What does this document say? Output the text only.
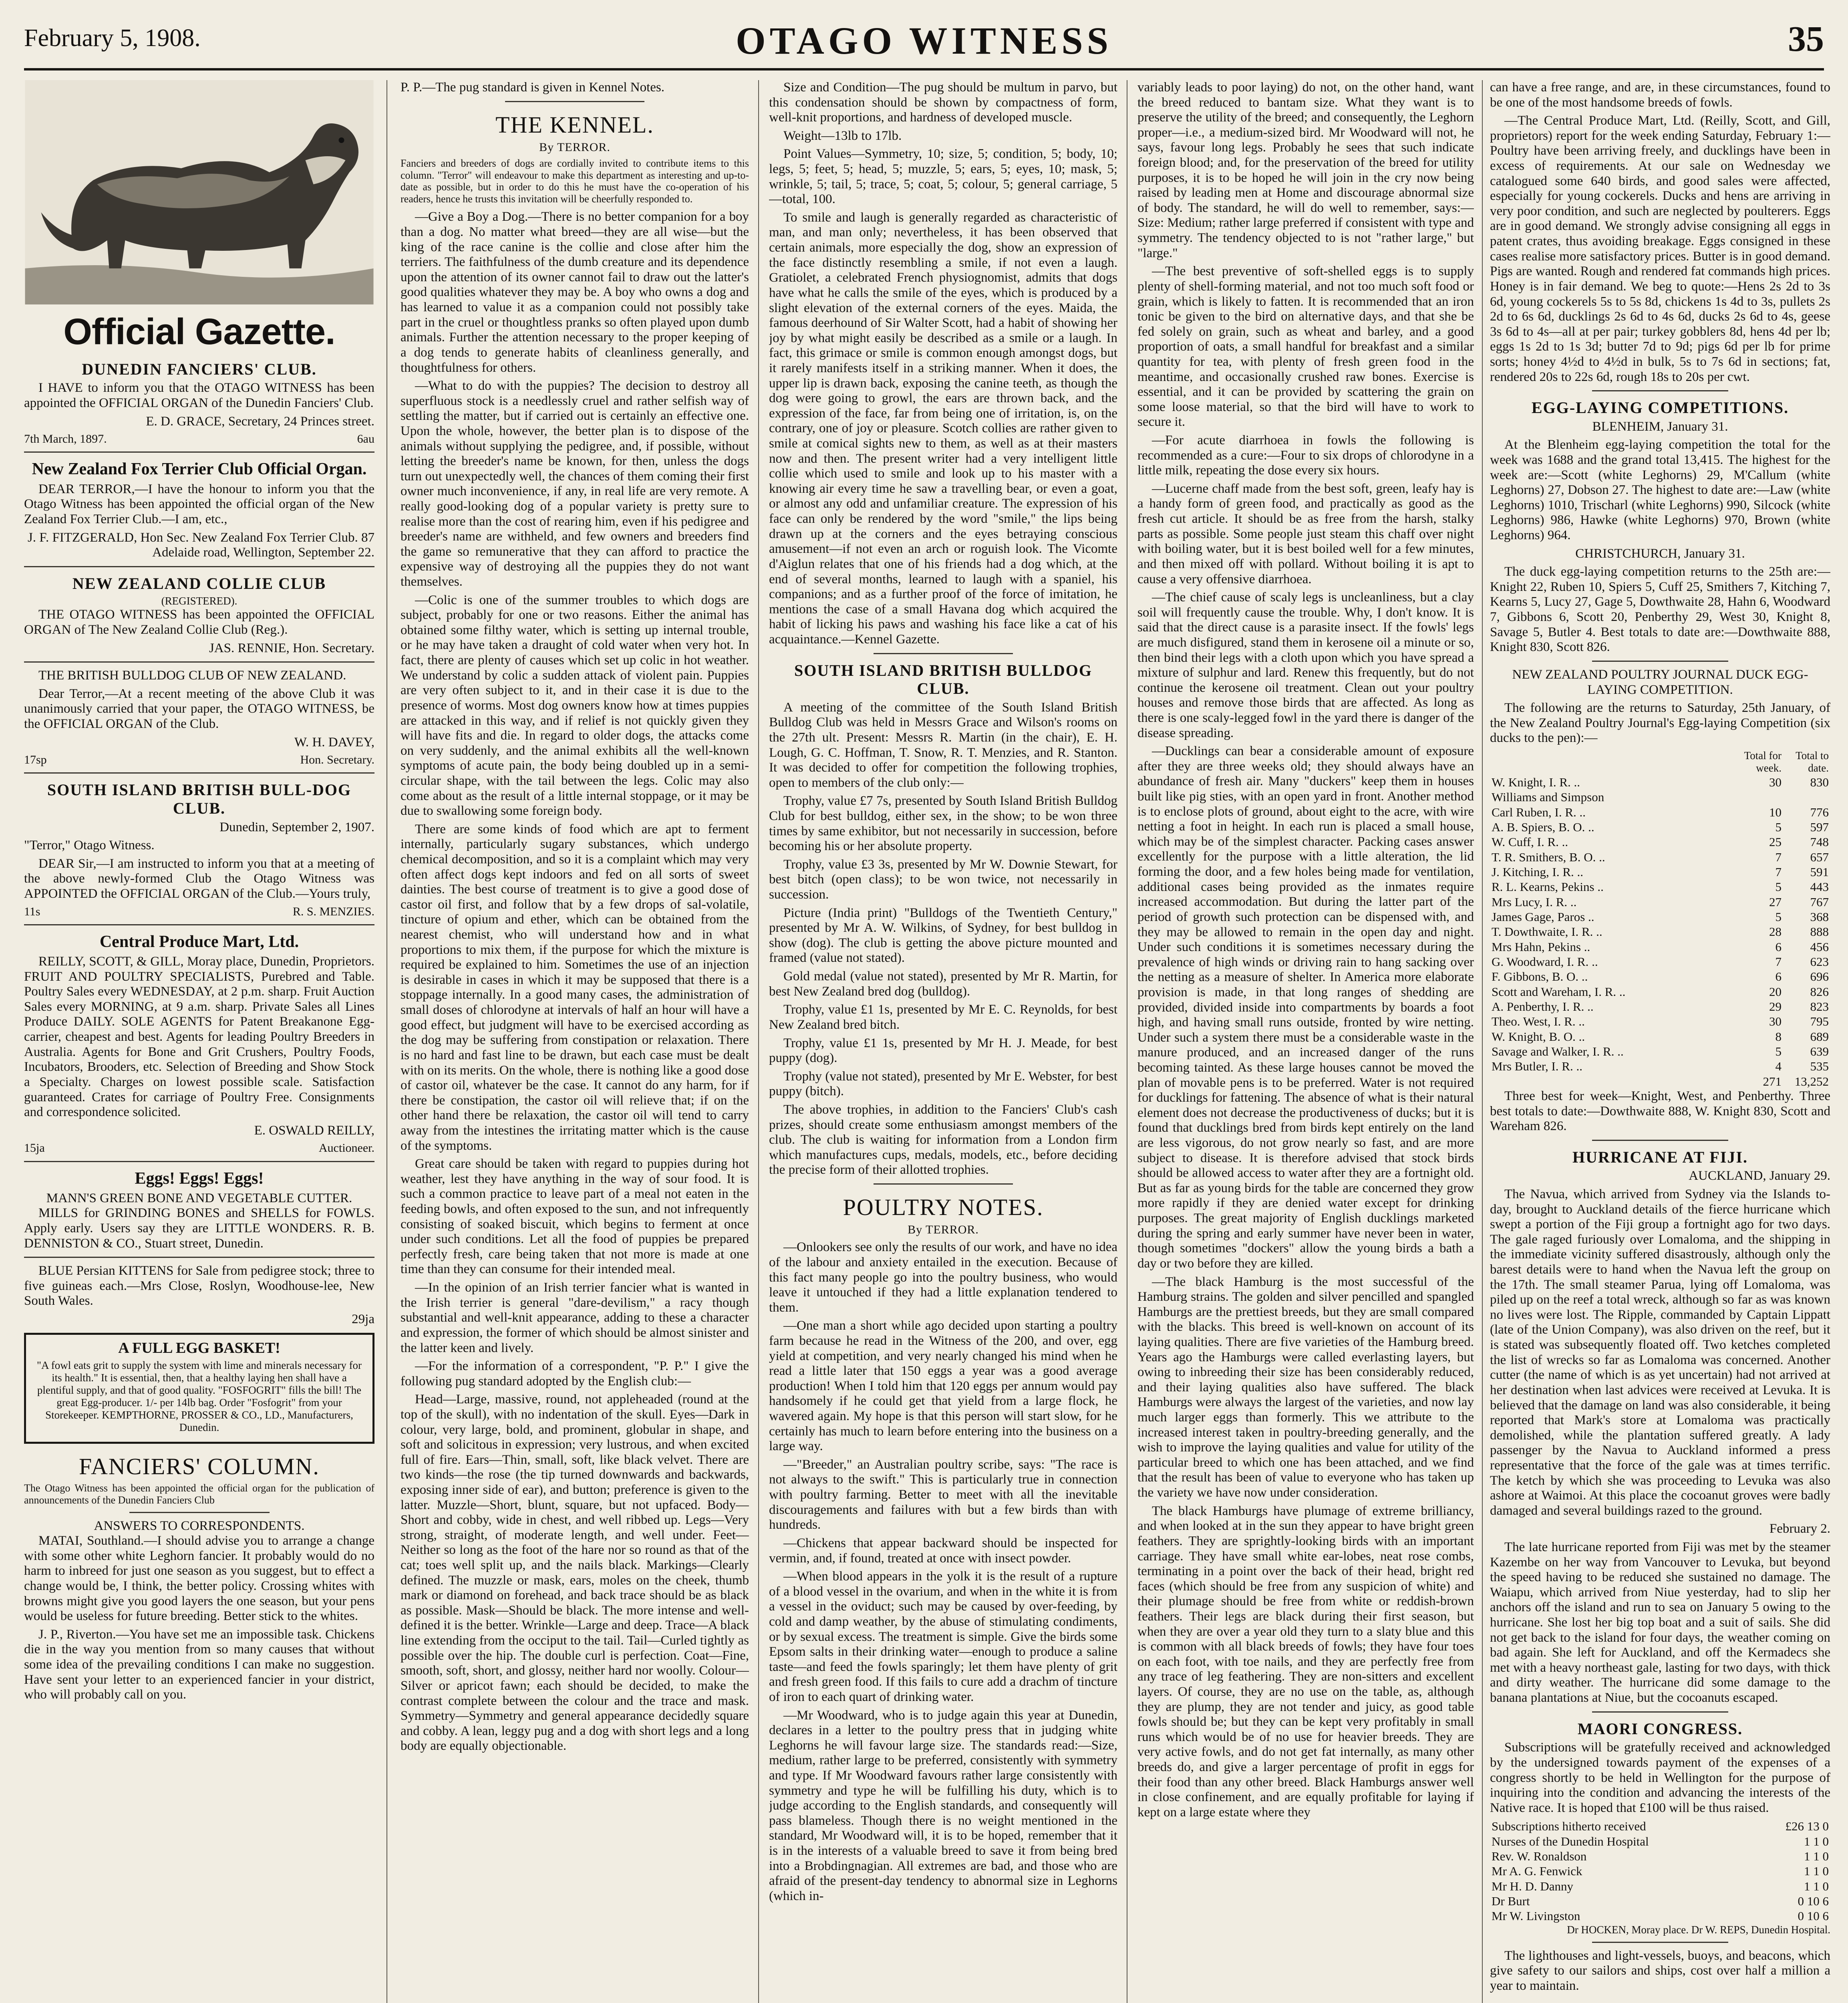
February 5, 1908.	OTAGO WITNESS	35
Official Gazette.
DUNEDIN FANCIERS' CLUB.

I HAVE to inform you that the OTAGO WITNESS has been appointed the OFFICIAL ORGAN of the Dunedin Fanciers' Club.

E. D. GRACE, Secretary, 24 Princes street.

7th March, 1897.	6au
New Zealand Fox Terrier Club Official Organ.

DEAR TERROR,—I have the honour to inform you that the Otago Witness has been appointed the official organ of the New Zealand Fox Terrier Club.—I am, etc.,

J. F. FITZGERALD, Hon Sec. New Zealand Fox Terrier Club. 87 Adelaide road, Wellington, September 22.

NEW ZEALAND COLLIE CLUB
(REGISTERED).

THE OTAGO WITNESS has been appointed the OFFICIAL ORGAN of The New Zealand Collie Club (Reg.).

JAS. RENNIE, Hon. Secretary.

THE BRITISH BULLDOG CLUB OF NEW ZEALAND.

Dear Terror,—At a recent meeting of the above Club it was unanimously carried that your paper, the OTAGO WITNESS, be the OFFICIAL ORGAN of the Club.

W. H. DAVEY,

17sp	Hon. Secretary.
SOUTH ISLAND BRITISH BULL-DOG CLUB.

Dunedin, September 2, 1907.

"Terror," Otago Witness.

DEAR Sir,—I am instructed to inform you that at a meeting of the above newly-formed Club the Otago Witness was APPOINTED the OFFICIAL ORGAN of the Club.—Yours truly,

11s	R. S. MENZIES.
Central Produce Mart, Ltd.

REILLY, SCOTT, & GILL, Moray place, Dunedin, Proprietors. FRUIT AND POULTRY SPECIALISTS, Purebred and Table. Poultry Sales every WEDNESDAY, at 2 p.m. sharp. Fruit Auction Sales every MORNING, at 9 a.m. sharp. Private Sales all Lines Produce DAILY. SOLE AGENTS for Patent Breakanone Egg-carrier, cheapest and best. Agents for leading Poultry Breeders in Australia. Agents for Bone and Grit Crushers, Poultry Foods, Incubators, Brooders, etc. Selection of Breeding and Show Stock a Specialty. Charges on lowest possible scale. Satisfaction guaranteed. Crates for carriage of Poultry Free. Consignments and correspondence solicited.

E. OSWALD REILLY,

15ja	Auctioneer.
Eggs! Eggs! Eggs!
MANN'S GREEN BONE AND VEGETABLE CUTTER.

MILLS for GRINDING BONES and SHELLS for FOWLS. Apply early. Users say they are LITTLE WONDERS. R. B. DENNISTON & CO., Stuart street, Dunedin.

BLUE Persian KITTENS for Sale from pedigree stock; three to five guineas each.—Mrs Close, Roslyn, Woodhouse-lee, New South Wales.

29ja

A FULL EGG BASKET!

"A fowl eats grit to supply the system with lime and minerals necessary for its health." It is essential, then, that a healthy laying hen shall have a plentiful supply, and that of good quality. "FOSFOGRIT" fills the bill! The great Egg-producer. 1/- per 14lb bag. Order "Fosfogrit" from your Storekeeper. KEMPTHORNE, PROSSER & CO., LD., Manufacturers, Dunedin.

FANCIERS' COLUMN.

The Otago Witness has been appointed the official organ for the publication of announcements of the Dunedin Fanciers Club

ANSWERS TO CORRESPONDENTS.

MATAI, Southland.—I should advise you to arrange a change with some other white Leghorn fancier. It probably would do no harm to inbreed for just one season as you suggest, but to effect a change would be, I think, the better policy. Crossing whites with browns might give you good layers the one season, but your pens would be useless for future breeding. Better stick to the whites.

J. P., Riverton.—You have set me an impossible task. Chickens die in the way you mention from so many causes that without some idea of the prevailing conditions I can make no suggestion. Have sent your letter to an experienced fancier in your district, who will probably call on you.

P. P.—The pug standard is given in Kennel Notes.

THE KENNEL.
By TERROR.

Fanciers and breeders of dogs are cordially invited to contribute items to this column. "Terror" will endeavour to make this department as interesting and up-to-date as possible, but in order to do this he must have the co-operation of his readers, hence he trusts this invitation will be cheerfully responded to.

—Give a Boy a Dog.—There is no better companion for a boy than a dog. No matter what breed—they are all wise—but the king of the race canine is the collie and close after him the terriers. The faithfulness of the dumb creature and its dependence upon the attention of its owner cannot fail to draw out the latter's good qualities whatever they may be. A boy who owns a dog and has learned to value it as a companion could not possibly take part in the cruel or thoughtless pranks so often played upon dumb animals. Further the attention necessary to the proper keeping of a dog tends to generate habits of cleanliness generally, and thoughtfulness for others.

—What to do with the puppies? The decision to destroy all superfluous stock is a needlessly cruel and rather selfish way of settling the matter, but if carried out is certainly an effective one. Upon the whole, however, the better plan is to dispose of the animals without supplying the pedigree, and, if possible, without letting the breeder's name be known, for then, unless the dogs turn out unexpectedly well, the chances of them coming their first owner much inconvenience, if any, in real life are very remote. A really good-looking dog of a popular variety is pretty sure to realise more than the cost of rearing him, even if his pedigree and breeder's name are withheld, and few owners and breeders find the game so remunerative that they can afford to practice the expensive way of destroying all the puppies they do not want themselves.

—Colic is one of the summer troubles to which dogs are subject, probably for one or two reasons. Either the animal has obtained some filthy water, which is setting up internal trouble, or he may have taken a draught of cold water when very hot. In fact, there are plenty of causes which set up colic in hot weather. We understand by colic a sudden attack of violent pain. Puppies are very often subject to it, and in their case it is due to the presence of worms. Most dog owners know how at times puppies are attacked in this way, and if relief is not quickly given they will have fits and die. In regard to older dogs, the attacks come on very suddenly, and the animal exhibits all the well-known symptoms of acute pain, the body being doubled up in a semi-circular shape, with the tail between the legs. Colic may also come about as the result of a little internal stoppage, or it may be due to swallowing some foreign body.

There are some kinds of food which are apt to ferment internally, particularly sugary substances, which undergo chemical decomposition, and so it is a complaint which may very often affect dogs kept indoors and fed on all sorts of sweet dainties. The best course of treatment is to give a good dose of castor oil first, and follow that by a few drops of sal-volatile, tincture of opium and ether, which can be obtained from the nearest chemist, who will understand how and in what proportions to mix them, if the purpose for which the mixture is required be explained to him. Sometimes the use of an injection is desirable in cases in which it may be supposed that there is a stoppage internally. In a good many cases, the administration of small doses of chlorodyne at intervals of half an hour will have a good effect, but judgment will have to be exercised according as the dog may be suffering from constipation or relaxation. There is no hard and fast line to be drawn, but each case must be dealt with on its merits. On the whole, there is nothing like a good dose of castor oil, whatever be the case. It cannot do any harm, for if there be constipation, the castor oil will relieve that; if on the other hand there be relaxation, the castor oil will tend to carry away from the intestines the irritating matter which is the cause of the symptoms.

Great care should be taken with regard to puppies during hot weather, lest they have anything in the way of sour food. It is such a common practice to leave part of a meal not eaten in the feeding bowls, and often exposed to the sun, and not infrequently consisting of soaked biscuit, which begins to ferment at once under such conditions. Let all the food of puppies be prepared perfectly fresh, care being taken that not more is made at one time than they can consume for their intended meal.

—In the opinion of an Irish terrier fancier what is wanted in the Irish terrier is general "dare-devilism," a racy though substantial and well-knit appearance, adding to these a character and expression, the former of which should be almost sinister and the latter keen and lively.

—For the information of a correspondent, "P. P." I give the following pug standard adopted by the English club:—

Head—Large, massive, round, not appleheaded (round at the top of the skull), with no indentation of the skull. Eyes—Dark in colour, very large, bold, and prominent, globular in shape, and soft and solicitous in expression; very lustrous, and when excited full of fire. Ears—Thin, small, soft, like black velvet. There are two kinds—the rose (the tip turned downwards and backwards, exposing inner side of ear), and button; preference is given to the latter. Muzzle—Short, blunt, square, but not upfaced. Body—Short and cobby, wide in chest, and well ribbed up. Legs—Very strong, straight, of moderate length, and well under. Feet—Neither so long as the foot of the hare nor so round as that of the cat; toes well split up, and the nails black. Markings—Clearly defined. The muzzle or mask, ears, moles on the cheek, thumb mark or diamond on forehead, and back trace should be as black as possible. Mask—Should be black. The more intense and well-defined it is the better. Wrinkle—Large and deep. Trace—A black line extending from the occiput to the tail. Tail—Curled tightly as possible over the hip. The double curl is perfection. Coat—Fine, smooth, soft, short, and glossy, neither hard nor woolly. Colour—Silver or apricot fawn; each should be decided, to make the contrast complete between the colour and the trace and mask. Symmetry—Symmetry and general appearance decidedly square and cobby. A lean, leggy pug and a dog with short legs and a long body are equally objectionable.

Size and Condition—The pug should be multum in parvo, but this condensation should be shown by compactness of form, well-knit proportions, and hardness of developed muscle.

Weight—13lb to 17lb.

Point Values—Symmetry, 10; size, 5; condition, 5; body, 10; legs, 5; feet, 5; head, 5; muzzle, 5; ears, 5; eyes, 10; mask, 5; wrinkle, 5; tail, 5; trace, 5; coat, 5; colour, 5; general carriage, 5—total, 100.

To smile and laugh is generally regarded as characteristic of man, and man only; nevertheless, it has been observed that certain animals, more especially the dog, show an expression of the face distinctly resembling a smile, if not even a laugh. Gratiolet, a celebrated French physiognomist, admits that dogs have what he calls the smile of the eyes, which is produced by a slight elevation of the external corners of the eyes. Maida, the famous deerhound of Sir Walter Scott, had a habit of showing her joy by what might easily be described as a smile or a laugh. In fact, this grimace or smile is common enough amongst dogs, but it rarely manifests itself in a striking manner. When it does, the upper lip is drawn back, exposing the canine teeth, as though the dog were going to growl, the ears are thrown back, and the expression of the face, far from being one of irritation, is, on the contrary, one of joy or pleasure. Scotch collies are rather given to smile at comical sights new to them, as well as at their masters now and then. The present writer had a very intelligent little collie which used to smile and look up to his master with a knowing air every time he saw a travelling bear, or even a goat, or almost any odd and unfamiliar creature. The expression of his face can only be rendered by the word "smile," the lips being drawn up at the corners and the eyes betraying conscious amusement—if not even an arch or roguish look. The Vicomte d'Aiglun relates that one of his friends had a dog which, at the end of several months, learned to laugh with a spaniel, his companions; and as a further proof of the force of imitation, he mentions the case of a small Havana dog which acquired the habit of licking his paws and washing his face like a cat of his acquaintance.—Kennel Gazette.

SOUTH ISLAND BRITISH BULLDOG CLUB.

A meeting of the committee of the South Island British Bulldog Club was held in Messrs Grace and Wilson's rooms on the 27th ult. Present: Messrs R. Martin (in the chair), E. H. Lough, G. C. Hoffman, T. Snow, R. T. Menzies, and R. Stanton. It was decided to offer for competition the following trophies, open to members of the club only:—

Trophy, value £7 7s, presented by South Island British Bulldog Club for best bulldog, either sex, in the show; to be won three times by same exhibitor, but not necessarily in succession, before becoming his or her absolute property.

Trophy, value £3 3s, presented by Mr W. Downie Stewart, for best bitch (open class); to be won twice, not necessarily in succession.

Picture (India print) "Bulldogs of the Twentieth Century," presented by Mr A. W. Wilkins, of Sydney, for best bulldog in show (dog). The club is getting the above picture mounted and framed (value not stated).

Gold medal (value not stated), presented by Mr R. Martin, for best New Zealand bred dog (bulldog).

Trophy, value £1 1s, presented by Mr E. C. Reynolds, for best New Zealand bred bitch.

Trophy, value £1 1s, presented by Mr H. J. Meade, for best puppy (dog).

Trophy (value not stated), presented by Mr E. Webster, for best puppy (bitch).

The above trophies, in addition to the Fanciers' Club's cash prizes, should create some enthusiasm amongst members of the club. The club is waiting for information from a London firm which manufactures cups, medals, models, etc., before deciding the precise form of their allotted trophies.

POULTRY NOTES.
By TERROR.

—Onlookers see only the results of our work, and have no idea of the labour and anxiety entailed in the execution. Because of this fact many people go into the poultry business, who would leave it untouched if they had a little explanation tendered to them.

—One man a short while ago decided upon starting a poultry farm because he read in the Witness of the 200, and over, egg yield at competition, and very nearly changed his mind when he read a little later that 150 eggs a year was a good average production! When I told him that 120 eggs per annum would pay handsomely if he could get that yield from a large flock, he wavered again. My hope is that this person will start slow, for he certainly has much to learn before entering into the business on a large way.

—"Breeder," an Australian poultry scribe, says: "The race is not always to the swift." This is particularly true in connection with poultry farming. Better to meet with all the inevitable discouragements and failures with but a few birds than with hundreds.

—Chickens that appear backward should be inspected for vermin, and, if found, treated at once with insect powder.

—When blood appears in the yolk it is the result of a rupture of a blood vessel in the ovarium, and when in the white it is from a vessel in the oviduct; such may be caused by over-feeding, by cold and damp weather, by the abuse of stimulating condiments, or by sexual excess. The treatment is simple. Give the birds some Epsom salts in their drinking water—enough to produce a saline taste—and feed the fowls sparingly; let them have plenty of grit and fresh green food. If this fails to cure add a drachm of tincture of iron to each quart of drinking water.

—Mr Woodward, who is to judge again this year at Dunedin, declares in a letter to the poultry press that in judging white Leghorns he will favour large size. The standards read:—Size, medium, rather large to be preferred, consistently with symmetry and type. If Mr Woodward favours rather large consistently with symmetry and type he will be fulfilling his duty, which is to judge according to the English standards, and consequently will pass blameless. Though there is no weight mentioned in the standard, Mr Woodward will, it is to be hoped, remember that it is in the interests of a valuable breed to save it from being bred into a Brobdingnagian. All extremes are bad, and those who are afraid of the present-day tendency to abnormal size in Leghorns (which in-

variably leads to poor laying) do not, on the other hand, want the breed reduced to bantam size. What they want is to preserve the utility of the breed; and consequently, the Leghorn proper—i.e., a medium-sized bird. Mr Woodward will not, he says, favour long legs. Probably he sees that such indicate foreign blood; and, for the preservation of the breed for utility purposes, it is to be hoped he will join in the cry now being raised by leading men at Home and discourage abnormal size of body. The standard, he will do well to remember, says:—Size: Medium; rather large preferred if consistent with type and symmetry. The tendency objected to is not "rather large," but "large."

—The best preventive of soft-shelled eggs is to supply plenty of shell-forming material, and not too much soft food or grain, which is likely to fatten. It is recommended that an iron tonic be given to the bird on alternative days, and that she be fed solely on grain, such as wheat and barley, and a good proportion of oats, a small handful for breakfast and a similar quantity for tea, with plenty of fresh green food in the meantime, and occasionally crushed raw bones. Exercise is essential, and it can be provided by scattering the grain on some loose material, so that the bird will have to work to secure it.

—For acute diarrhoea in fowls the following is recommended as a cure:—Four to six drops of chlorodyne in a little milk, repeating the dose every six hours.

—Lucerne chaff made from the best soft, green, leafy hay is a handy form of green food, and practically as good as the fresh cut article. It should be as free from the harsh, stalky parts as possible. Some people just steam this chaff over night with boiling water, but it is best boiled well for a few minutes, and then mixed off with pollard. Without boiling it is apt to cause a very offensive diarrhoea.

—The chief cause of scaly legs is uncleanliness, but a clay soil will frequently cause the trouble. Why, I don't know. It is said that the direct cause is a parasite insect. If the fowls' legs are much disfigured, stand them in kerosene oil a minute or so, then bind their legs with a cloth upon which you have spread a mixture of sulphur and lard. Renew this frequently, but do not continue the kerosene oil treatment. Clean out your poultry houses and remove those birds that are affected. As long as there is one scaly-legged fowl in the yard there is danger of the disease spreading.

—Ducklings can bear a considerable amount of exposure after they are three weeks old; they should always have an abundance of fresh air. Many "duckers" keep them in houses built like pig sties, with an open yard in front. Another method is to enclose plots of ground, about eight to the acre, with wire netting a foot in height. In each run is placed a small house, which may be of the simplest character. Packing cases answer excellently for the purpose with a little alteration, the lid forming the door, and a few holes being made for ventilation, additional cases being provided as the inmates require increased accommodation. But during the latter part of the period of growth such protection can be dispensed with, and they may be allowed to remain in the open day and night. Under such conditions it is sometimes necessary during the prevalence of high winds or driving rain to hang sacking over the netting as a measure of shelter. In America more elaborate provision is made, in that long ranges of shedding are provided, divided inside into compartments by boards a foot high, and having small runs outside, fronted by wire netting. Under such a system there must be a considerable waste in the manure produced, and an increased danger of the runs becoming tainted. As these large houses cannot be moved the plan of movable pens is to be preferred. Water is not required for ducklings for fattening. The absence of what is their natural element does not decrease the productiveness of ducks; but it is found that ducklings bred from birds kept entirely on the land are less vigorous, do not grow nearly so fast, and are more subject to disease. It is therefore advised that stock birds should be allowed access to water after they are a fortnight old. But as far as young birds for the table are concerned they grow more rapidly if they are denied water except for drinking purposes. The great majority of English ducklings marketed during the spring and early summer have never been in water, though sometimes "dockers" allow the young birds a bath a day or two before they are killed.

—The black Hamburg is the most successful of the Hamburg strains. The golden and silver pencilled and spangled Hamburgs are the prettiest breeds, but they are small compared with the blacks. This breed is well-known on account of its laying qualities. There are five varieties of the Hamburg breed. Years ago the Hamburgs were called everlasting layers, but owing to inbreeding their size has been considerably reduced, and their laying qualities also have suffered. The black Hamburgs were always the largest of the varieties, and now lay much larger eggs than formerly. This we attribute to the increased interest taken in poultry-breeding generally, and the wish to improve the laying qualities and value for utility of the particular breed to which one has been attached, and we find that the result has been of value to everyone who has taken up the variety we have now under consideration.

The black Hamburgs have plumage of extreme brilliancy, and when looked at in the sun they appear to have bright green feathers. They are sprightly-looking birds with an important carriage. They have small white ear-lobes, neat rose combs, terminating in a point over the back of their head, bright red faces (which should be free from any suspicion of white) and their plumage should be free from white or reddish-brown feathers. Their legs are black during their first season, but when they are over a year old they turn to a slaty blue and this is common with all black breeds of fowls; they have four toes on each foot, with toe nails, and they are perfectly free from any trace of leg feathering. They are non-sitters and excellent layers. Of course, they are no use on the table, as, although they are plump, they are not tender and juicy, as good table fowls should be; but they can be kept very profitably in small runs which would be of no use for heavier breeds. They are very active fowls, and do not get fat internally, as many other breeds do, and give a larger percentage of profit in eggs for their food than any other breed. Black Hamburgs answer well in close confinement, and are equally profitable for laying if kept on a large estate where they

can have a free range, and are, in these circumstances, found to be one of the most handsome breeds of fowls.

—The Central Produce Mart, Ltd. (Reilly, Scott, and Gill, proprietors) report for the week ending Saturday, February 1:—Poultry have been arriving freely, and ducklings have been in excess of requirements. At our sale on Wednesday we catalogued some 640 birds, and good sales were affected, especially for young cockerels. Ducks and hens are arriving in very poor condition, and such are neglected by poulterers. Eggs are in good demand. We strongly advise consigning all eggs in patent crates, thus avoiding breakage. Eggs consigned in these cases realise more satisfactory prices. Butter is in good demand. Pigs are wanted. Rough and rendered fat commands high prices. Honey is in fair demand. We beg to quote:—Hens 2s 2d to 3s 6d, young cockerels 5s to 5s 8d, chickens 1s 4d to 3s, pullets 2s 2d to 6s 6d, ducklings 2s 6d to 4s 6d, ducks 2s 6d to 4s, geese 3s 6d to 4s—all at per pair; turkey gobblers 8d, hens 4d per lb; eggs 1s 2d to 1s 3d; butter 7d to 9d; pigs 6d per lb for prime sorts; honey 4½d to 4½d in bulk, 5s to 7s 6d in sections; fat, rendered 20s to 22s 6d, rough 18s to 20s per cwt.

EGG-LAYING COMPETITIONS.

BLENHEIM, January 31.

At the Blenheim egg-laying competition the total for the week was 1688 and the grand total 13,415. The highest for the week are:—Scott (white Leghorns) 29, M'Callum (white Leghorns) 27, Dobson 27. The highest to date are:—Law (white Leghorns) 1010, Trischarl (white Leghorns) 990, Silcock (white Leghorns) 986, Hawke (white Leghorns) 970, Brown (white Leghorns) 964.

CHRISTCHURCH, January 31.

The duck egg-laying competition returns to the 25th are:—Knight 22, Ruben 10, Spiers 5, Cuff 25, Smithers 7, Kitching 7, Kearns 5, Lucy 27, Gage 5, Dowthwaite 28, Hahn 6, Woodward 7, Gibbons 6, Scott 20, Penberthy 29, West 30, Knight 8, Savage 5, Butler 4. Best totals to date are:—Dowthwaite 888, Knight 830, Scott 826.

NEW ZEALAND POULTRY JOURNAL DUCK EGG-LAYING COMPETITION.

The following are the returns to Saturday, 25th January, of the New Zealand Poultry Journal's Egg-laying Competition (six ducks to the pen):—

	Total for week.	Total to date.
W. Knight, I. R. ..	30	830
Williams and Simpson		
Carl Ruben, I. R. ..	10	776
A. B. Spiers, B. O. ..	5	597
W. Cuff, I. R. ..	25	748
T. R. Smithers, B. O. ..	7	657
J. Kitching, I. R. ..	7	591
R. L. Kearns, Pekins ..	5	443
Mrs Lucy, I. R. ..	27	767
James Gage, Paros ..	5	368
T. Dowthwaite, I. R. ..	28	888
Mrs Hahn, Pekins ..	6	456
G. Woodward, I. R. ..	7	623
F. Gibbons, B. O. ..	6	696
Scott and Wareham, I. R. ..	20	826
A. Penberthy, I. R. ..	29	823
Theo. West, I. R. ..	30	795
W. Knight, B. O. ..	8	689
Savage and Walker, I. R. ..	5	639
Mrs Butler, I. R. ..	4	535
	271	13,252

Three best for week—Knight, West, and Penberthy. Three best totals to date:—Dowthwaite 888, W. Knight 830, Scott and Wareham 826.

HURRICANE AT FIJI.

AUCKLAND, January 29.

The Navua, which arrived from Sydney via the Islands to-day, brought to Auckland details of the fierce hurricane which swept a portion of the Fiji group a fortnight ago for two days. The gale raged furiously over Lomaloma, and the shipping in the immediate vicinity suffered disastrously, although only the barest details were to hand when the Navua left the group on the 17th. The small steamer Parua, lying off Lomaloma, was piled up on the reef a total wreck, although so far as was known no lives were lost. The Ripple, commanded by Captain Lippatt (late of the Union Company), was also driven on the reef, but it is stated was subsequently floated off. Two ketches completed the list of wrecks so far as Lomaloma was concerned. Another cutter (the name of which is as yet uncertain) had not arrived at her destination when last advices were received at Levuka. It is believed that the damage on land was also considerable, it being reported that Mark's store at Lomaloma was practically demolished, while the plantation suffered greatly. A lady passenger by the Navua to Auckland informed a press representative that the force of the gale was at times terrific. The ketch by which she was proceeding to Levuka was also ashore at Waimoi. At this place the cocoanut groves were badly damaged and several buildings razed to the ground.

February 2.

The late hurricane reported from Fiji was met by the steamer Kazembe on her way from Vancouver to Levuka, but beyond the speed having to be reduced she sustained no damage. The Waiapu, which arrived from Niue yesterday, had to slip her anchors off the island and run to sea on January 5 owing to the hurricane. She lost her big top boat and a suit of sails. She did not get back to the island for four days, the weather coming on bad again. She left for Auckland, and off the Kermadecs she met with a heavy northeast gale, lasting for two days, with thick and dirty weather. The hurricane did some damage to the banana plantations at Niue, but the cocoanuts escaped.

MAORI CONGRESS.

Subscriptions will be gratefully received and acknowledged by the undersigned towards payment of the expenses of a congress shortly to be held in Wellington for the purpose of inquiring into the condition and advancing the interests of the Native race. It is hoped that £100 will be thus raised.

Subscriptions hitherto received	£26 13 0
Nurses of the Dunedin Hospital	1 1 0
Rev. W. Ronaldson	1 1 0
Mr A. G. Fenwick	1 1 0
Mr H. D. Danny	1 1 0
Dr Burt	0 10 6
Mr W. Livingston	0 10 6

Dr HOCKEN, Moray place. Dr W. REPS, Dunedin Hospital.

The lighthouses and light-vessels, buoys, and beacons, which give safety to our sailors and ships, cost over half a million a year to maintain.
